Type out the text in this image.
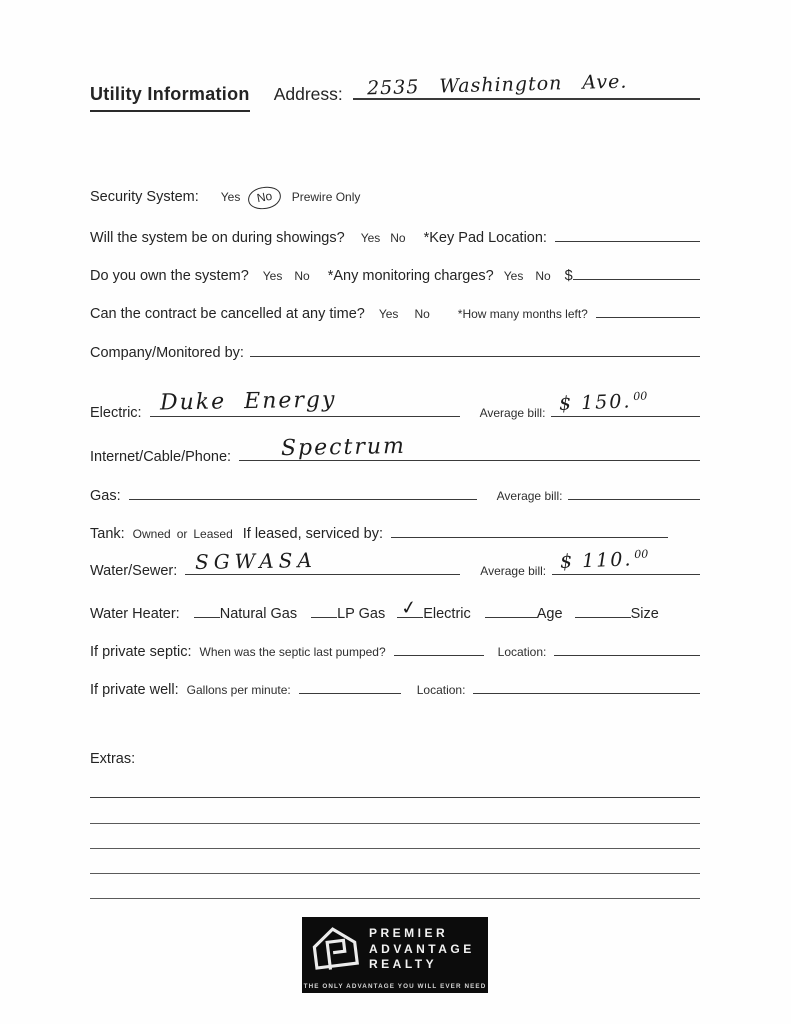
Utility Information Address: 2535 Washington Ave.
Security System: Yes	No	Prewire Only
Will the system be on during showings? Yes No *Key Pad Location:
Do you own the system? Yes No *Any monitoring charges? Yes No $
Can the contract be cancelled at any time? Yes No *How many months left?
Company/Monitored by:
Electric: Duke Energy	Average bill: $ 150.00
Internet/Cable/Phone: Spectrum
Gas:	Average bill:
Tank: Owned or Leased If leased, serviced by:
Water/Sewer: SGWASA	Average bill: $ 110.00
Water Heater:	Natural Gas	LP Gas ✓ Electric	Age	Size
If private septic: When was the septic last pumped?	Location:
If private well: Gallons per minute:	Location:
Extras:
PREMIER
ADVANTAGE
REALTY
THE ONLY ADVANTAGE YOU WILL EVER NEED
